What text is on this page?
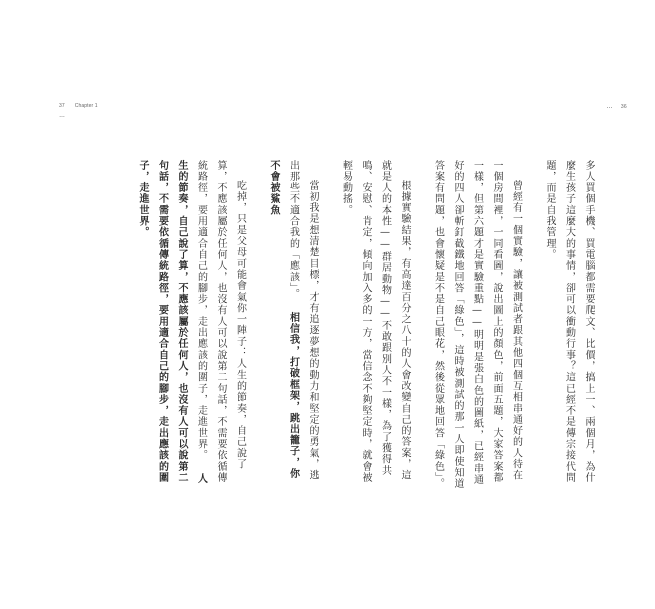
37 Chapter 1
…
… 36

多人買個手機、買電腦都需要爬文、比價，搞上一、兩個月，為什麼生孩子這麼大的事情，卻可以衝動行事？這已經不是傳宗接代問題，而是自我管理。

曾經有一個實驗，讓被測試者跟其他四個互相串通好的人待在一個房間裡，一同看圖，說出圖上的顏色，前面五題，大家答案都一樣，但第六題才是實驗重點——明明是張白色的圖紙，已經串通好的四人卻斬釘截鐵地回答「綠色」，這時被測試的那一人即使知道答案有問題，也會懷疑是不是自己眼花，然後從眾地回答「綠色」。

根據實驗結果，有高達百分之八十的人會改變自己的答案，這就是人的本性——群居動物——不敢跟別人不一樣，為了獲得共鳴、安慰、肯定，傾向加入多的一方，當信念不夠堅定時，就會被輕易動搖。

當初我是想清楚目標，才有追逐夢想的動力和堅定的勇氣，逃出那些不適合我的「應該」。 相信我，打破框架，跳出籠子，你不會被鯊魚

吃掉，只是父母可能會氣你一陣子：人生的節奏，自己說了算，不應該屬於任何人，也沒有人可以說第二句話，不需要依循傳統路徑，要用適合自己的腳步，走出應該的圍子，走進世界。 人生的節奏，自己說了算，不應該屬於任何人，也沒有人可以說第二句話，不需要依循傳統路徑，要用適合自己的腳步，走出應該的圍子，走進世界。
